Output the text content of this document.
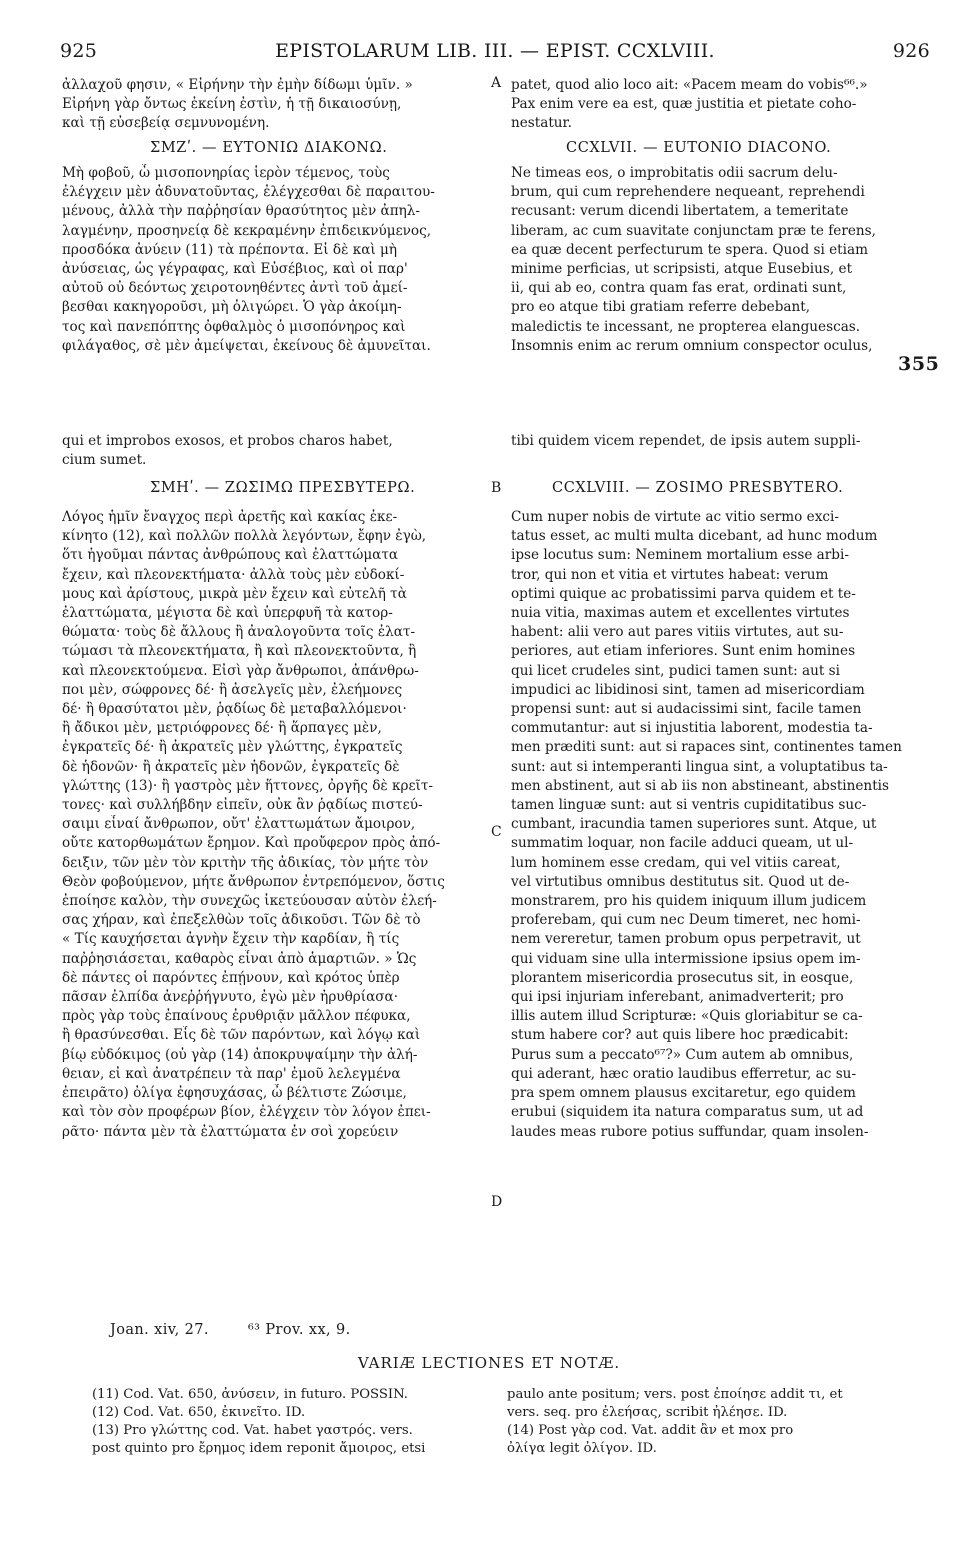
925	EPISTOLARUM LIB. III. — EPIST. CCXLVIII.	926
ἀλλαχοῦ φησιν, « Εἰρήνην τὴν ἐμὴν δίδωμι ὑμῖν. »
Εἰρήνη γὰρ ὄντως ἐκείνη ἐστὶν, ἡ τῇ δικαιοσύνῃ,
καὶ τῇ εὐσεβείᾳ σεμνυνομένη.
ΣΜΖʹ. — ΕΥΤΟΝΙΩ ΔΙΑΚΟΝΩ.
Μὴ φοβοῦ, ὦ μισοπονηρίας ἱερὸν τέμενος, τοὺς
ἐλέγχειν μὲν ἀδυνατοῦντας, ἐλέγχεσθαι δὲ παραιτου-
μένους, ἀλλὰ τὴν παῤῥησίαν θρασύτητος μὲν ἀπηλ-
λαγμένην, προσηνείᾳ δὲ κεκραμένην ἐπιδεικνύμενος,
προσδόκα ἀνύειν (11) τὰ πρέποντα. Εἰ δὲ καὶ μὴ
ἀνύσειας, ὡς γέγραφας, καὶ Εὐσέβιος, καὶ οἱ παρ'
αὐτοῦ οὐ δεόντως χειροτονηθέντες ἀντὶ τοῦ ἀμεί-
βεσθαι κακηγοροῦσι, μὴ ὀλιγώρει. Ὁ γὰρ ἀκοίμη-
τος καὶ πανεπόπτης ὀφθαλμὸς ὁ μισοπόνηρος καὶ
φιλάγαθος, σὲ μὲν ἀμείψεται, ἐκείνους δὲ ἀμυνεῖται.
qui et improbos exosos, et probos charos habet,	tibi quidem vicem rependet, de ipsis autem suppli-
cium sumet.
ΣΜΗʹ. — ΖΩΣΙΜΩ ΠΡΕΣΒΥΤΕΡΩ.
Λόγος ἡμῖν ἔναγχος περὶ ἀρετῆς καὶ κακίας ἐκε-
κίνητο (12), καὶ πολλῶν πολλὰ λεγόντων, ἔφην ἐγὼ,
ὅτι ἡγοῦμαι πάντας ἀνθρώπους καὶ ἐλαττώματα
ἔχειν, καὶ πλεονεκτήματα· ἀλλὰ τοὺς μὲν εὐδοκί-
μους καὶ ἀρίστους, μικρὰ μὲν ἔχειν καὶ εὐτελῆ τὰ
ἐλαττώματα, μέγιστα δὲ καὶ ὑπερφυῆ τὰ κατορ-
θώματα· τοὺς δὲ ἄλλους ἢ ἀναλογοῦντα τοῖς ἐλατ-
τώμασι τὰ πλεονεκτήματα, ἢ καὶ πλεονεκτοῦντα, ἢ
καὶ πλεονεκτούμενα. Εἰσὶ γὰρ ἄνθρωποι, ἀπάνθρω-
ποι μὲν, σώφρονες δέ· ἢ ἀσελγεῖς μὲν, ἐλεήμονες
δέ· ἢ θρασύτατοι μὲν, ῥᾳδίως δὲ μεταβαλλόμενοι·
ἢ ἄδικοι μὲν, μετριόφρονες δέ· ἢ ἅρπαγες μὲν,
ἐγκρατεῖς δέ· ἢ ἀκρατεῖς μὲν γλώττης, ἐγκρατεῖς
δὲ ἡδονῶν· ἢ ἀκρατεῖς μὲν ἡδονῶν, ἐγκρατεῖς δὲ
γλώττης (13)· ἢ γαστρὸς μὲν ἥττονες, ὀργῆς δὲ κρεῖτ-
τονες· καὶ συλλήβδην εἰπεῖν, οὐκ ἂν ῥᾳδίως πιστεύ-
σαιμι εἶναί ἄνθρωπον, οὔτ' ἐλαττωμάτων ἄμοιρον,
οὔτε κατορθωμάτων ἔρημον. Καὶ προὔφερον πρὸς ἀπό-
δειξιν, τῶν μὲν τὸν κριτὴν τῆς ἀδικίας, τὸν μήτε τὸν
Θεὸν φοβούμενον, μήτε ἄνθρωπον ἐντρεπόμενον, ὅστις
ἐποίησε καλὸν, τὴν συνεχῶς ἱκετεύουσαν αὐτὸν ἐλεή-
σας χήραν, καὶ ἐπεξελθὼν τοῖς ἀδικοῦσι. Τῶν δὲ τὸ
« Τίς καυχήσεται ἁγνὴν ἔχειν τὴν καρδίαν, ἢ τίς
παῤῥησιάσεται, καθαρὸς εἶναι ἀπὸ ἁμαρτιῶν. » Ὡς
δὲ πάντες οἱ παρόντες ἐπῄνουν, καὶ κρότος ὑπὲρ
πᾶσαν ἐλπίδα ἀνεῤῥήγνυτο, ἐγὼ μὲν ἠρυθρίασα·
πρὸς γὰρ τοὺς ἐπαίνους ἐρυθριᾷν μᾶλλον πέφυκα,
ἢ θρασύνεσθαι. Εἷς δὲ τῶν παρόντων, καὶ λόγῳ καὶ
βίῳ εὐδόκιμος (οὐ γὰρ (14) ἀποκρυψαίμην τὴν ἀλή-
θειαν, εἰ καὶ ἀνατρέπειν τὰ παρ' ἐμοῦ λελεγμένα
ἐπειρᾶτο) ὀλίγα ἐφησυχάσας, ὦ βέλτιστε Ζώσιμε,
καὶ τὸν σὸν προφέρων βίον, ἐλέγχειν τὸν λόγον ἐπει-
ρᾶτο· πάντα μὲν τὰ ἐλαττώματα ἐν σοὶ χορεύειν
patet, quod alio loco ait: «Pacem meam do vobis⁶⁶.»
Pax enim vere ea est, quæ justitia et pietate coho-
nestatur.
CCXLVII. — EUTONIO DIACONO.
Ne timeas eos, o improbitatis odii sacrum delu-
brum, qui cum reprehendere nequeant, reprehendi
recusant: verum dicendi libertatem, a temeritate
liberam, ac cum suavitate conjunctam præ te ferens,
ea quæ decent perfecturum te spera. Quod si etiam
minime perficias, ut scripsisti, atque Eusebius, et
ii, qui ab eo, contra quam fas erat, ordinati sunt,
pro eo atque tibi gratiam referre debebant,
maledictis te incessant, ne propterea elanguescas.
Insomnis enim ac rerum omnium conspector oculus,
355
CCXLVIII. — ZOSIMO PRESBYTERO.
Cum nuper nobis de virtute ac vitio sermo exci-
tatus esset, ac multi multa dicebant, ad hunc modum
ipse locutus sum: Neminem mortalium esse arbi-
tror, qui non et vitia et virtutes habeat: verum
optimi quique ac probatissimi parva quidem et te-
nuia vitia, maximas autem et excellentes virtutes
habent: alii vero aut pares vitiis virtutes, aut su-
periores, aut etiam inferiores. Sunt enim homines
qui licet crudeles sint, pudici tamen sunt: aut si
impudici ac libidinosi sint, tamen ad misericordiam
propensi sunt: aut si audacissimi sint, facile tamen
commutantur: aut si injustitia laborent, modestia ta-
men præditi sunt: aut si rapaces sint, continentes tamen
sunt: aut si intemperanti lingua sint, a voluptatibus ta-
men abstinent, aut si ab iis non abstineant, abstinentis
tamen linguæ sunt: aut si ventris cupiditatibus suc-
cumbant, iracundia tamen superiores sunt. Atque, ut
summatim loquar, non facile adduci queam, ut ul-
lum hominem esse credam, qui vel vitiis careat,
vel virtutibus omnibus destitutus sit. Quod ut de-
monstrarem, pro his quidem iniquum illum judicem
proferebam, qui cum nec Deum timeret, nec homi-
nem vereretur, tamen probum opus perpetravit, ut
qui viduam sine ulla intermissione ipsius opem im-
plorantem misericordia prosecutus sit, in eosque,
qui ipsi injuriam inferebant, animadverterit; pro
illis autem illud Scripturæ: «Quis gloriabitur se ca-
stum habere cor? aut quis libere hoc prædicabit:
Purus sum a peccato⁶⁷?» Cum autem ab omnibus,
qui aderant, hæc oratio laudibus efferretur, ac su-
pra spem omnem plausus excitaretur, ego quidem
erubui (siquidem ita natura comparatus sum, ut ad
laudes meas rubore potius suffundar, quam insolen-
A
B
C
D
Joan. xiv, 27.	⁶³ Prov. xx, 9.
VARIÆ LECTIONES ET NOTÆ.
(11) Cod. Vat. 650, ἀνύσειν, in futuro. POSSIN.
(12) Cod. Vat. 650, ἐκινεῖτο. ID.
(13) Pro γλώττης cod. Vat. habet γαστρός. vers.
post quinto pro ἔρημος idem reponit ἄμοιρος, etsi
paulo ante positum; vers. post ἐποίησε addit τι, et
vers. seq. pro ἐλεήσας, scribit ἠλέησε. ID.
(14) Post γὰρ cod. Vat. addit ἂν et mox pro
ὀλίγα legit ὀλίγον. ID.
